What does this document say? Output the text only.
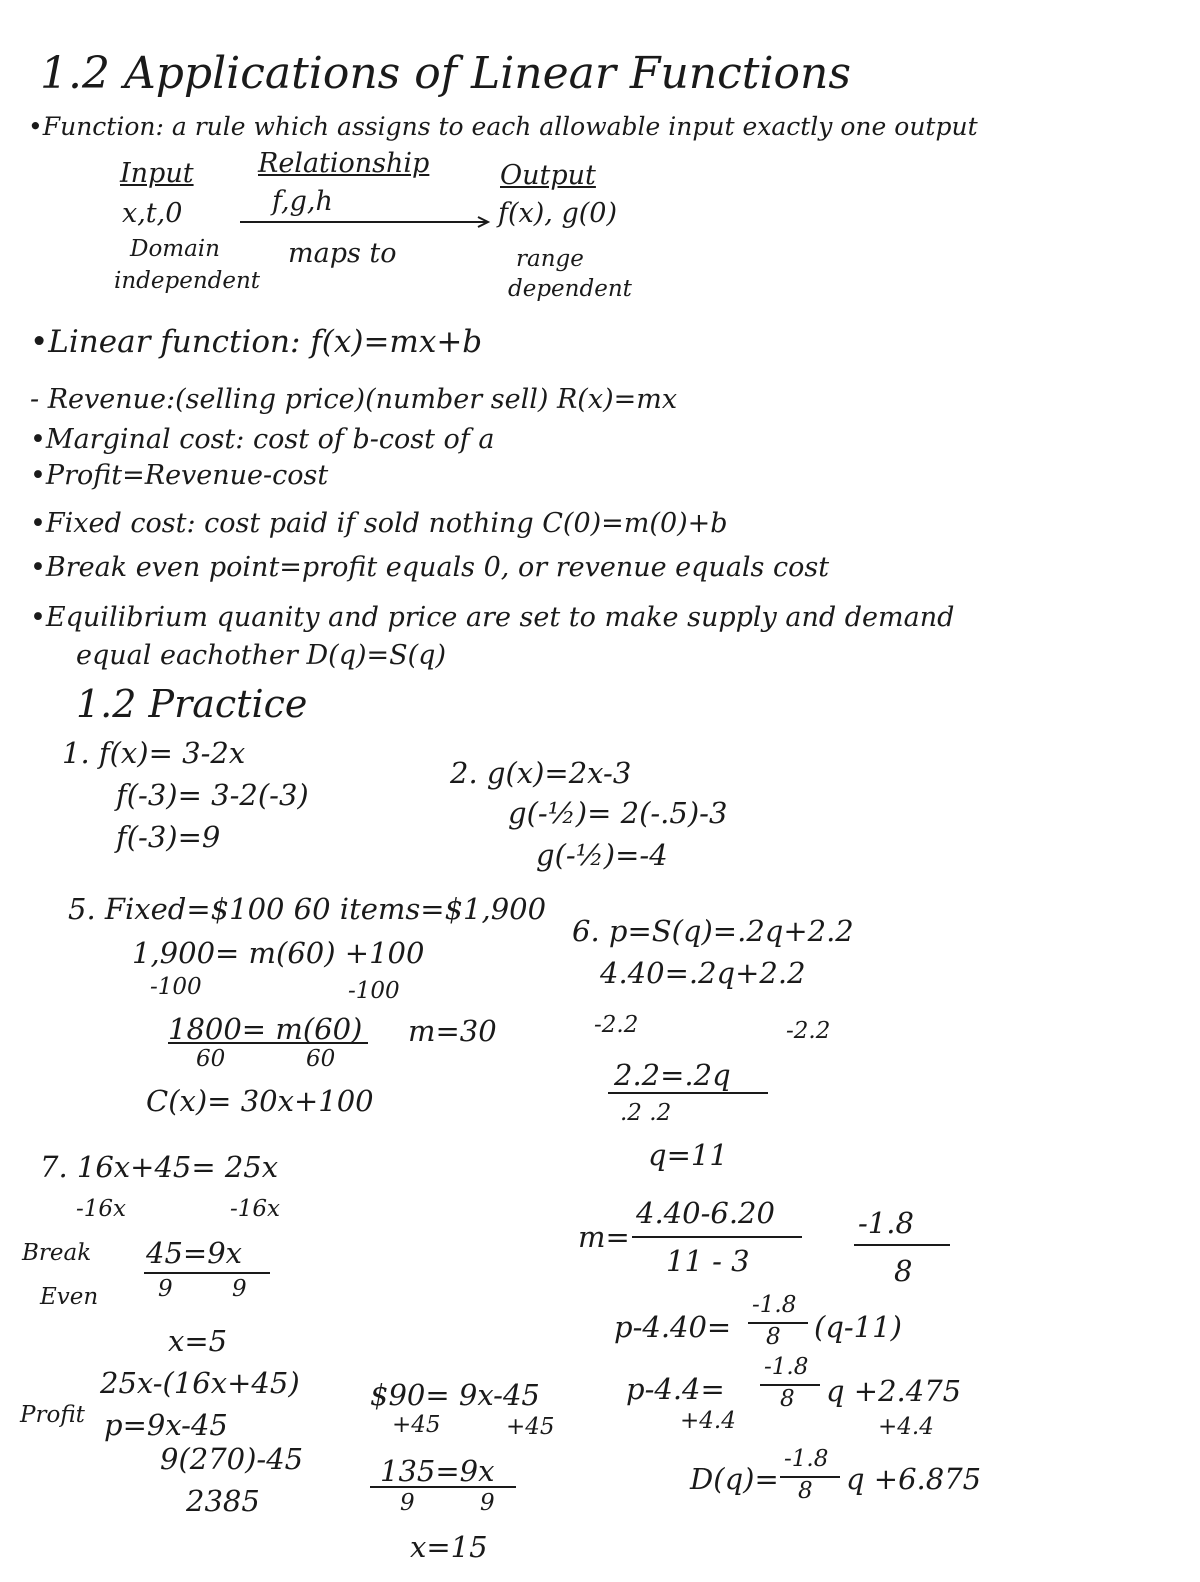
1.2 Applications of Linear Functions
•Function: a rule which assigns to each allowable input exactly one output
Input Relationship	Output
x,t,0	f,g,h	f(x), g(0)
Domain	maps to	range
independent	dependent
•Linear function: f(x)=mx+b
- Revenue:(selling price)(number sell) R(x)=mx
•Marginal cost: cost of b-cost of a
•Profit=Revenue-cost
•Fixed cost: cost paid if sold nothing C(0)=m(0)+b
•Break even point=profit equals 0, or revenue equals cost
•Equilibrium quanity and price are set to make supply and demand
equal eachother D(q)=S(q)
1.2 Practice
1. f(x)= 3-2x
f(-3)= 3-2(-3)
f(-3)=9
2. g(x)=2x-3
g(-½)= 2(-.5)-3
g(-½)=-4
5. Fixed=$100 60 items=$1,900
1,900= m(60) +100
-100	-100
1800= m(60)
60	60
m=30
C(x)= 30x+100
6. p=S(q)=.2q+2.2
4.40=.2q+2.2
-2.2	-2.2
2.2=.2q
.2 .2
q=11
m=
4.40-6.20
11 - 3
-1.8
8
p-4.40=
-1.8
8 (q-11)
p-4.4=
-1.8
8 q +2.475
+4.4	+4.4
D(q)=
-1.8
8 q +6.875
7. 16x+45= 25x
-16x	-16x
Break
Even
45=9x
9	9
x=5
Profit
25x-(16x+45)
p=9x-45
9(270)-45
2385
$90= 9x-45
+45	+45
135=9x
9	9
x=15
